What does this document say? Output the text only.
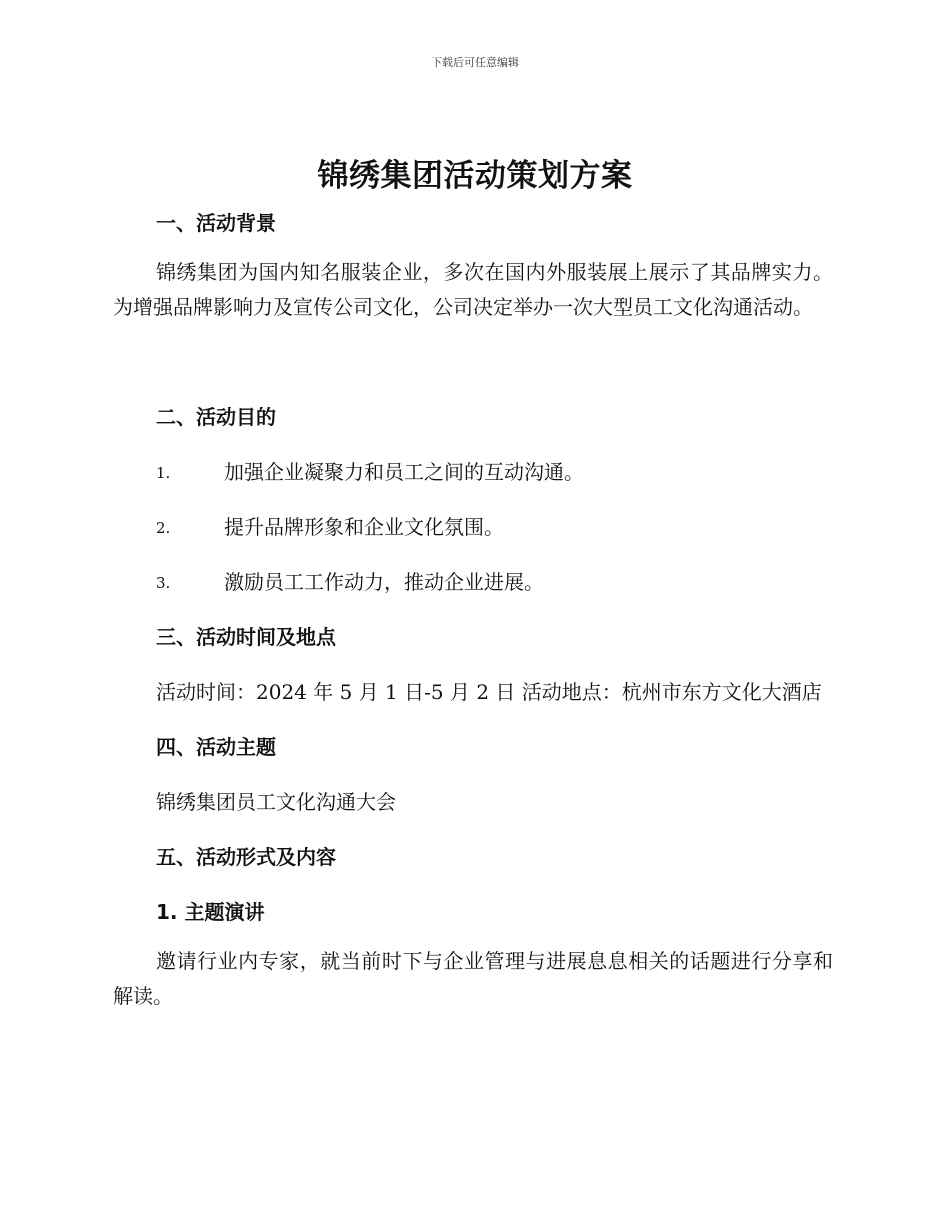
下载后可任意编辑
锦绣集团活动策划方案
一、活动背景
锦绣集团为国内知名服装企业，多次在国内外服装展上展示了其品牌实力。为增强品牌影响力及宣传公司文化，公司决定举办一次大型员工文化沟通活动。
二、活动目的
1.	加强企业凝聚力和员工之间的互动沟通。
2.	提升品牌形象和企业文化氛围。
3.	激励员工工作动力，推动企业进展。
三、活动时间及地点
活动时间：2024 年 5 月 1 日-5 月 2 日 活动地点：杭州市东方文化大酒店
四、活动主题
锦绣集团员工文化沟通大会
五、活动形式及内容
1. 主题演讲
邀请行业内专家，就当前时下与企业管理与进展息息相关的话题进行分享和解读。
